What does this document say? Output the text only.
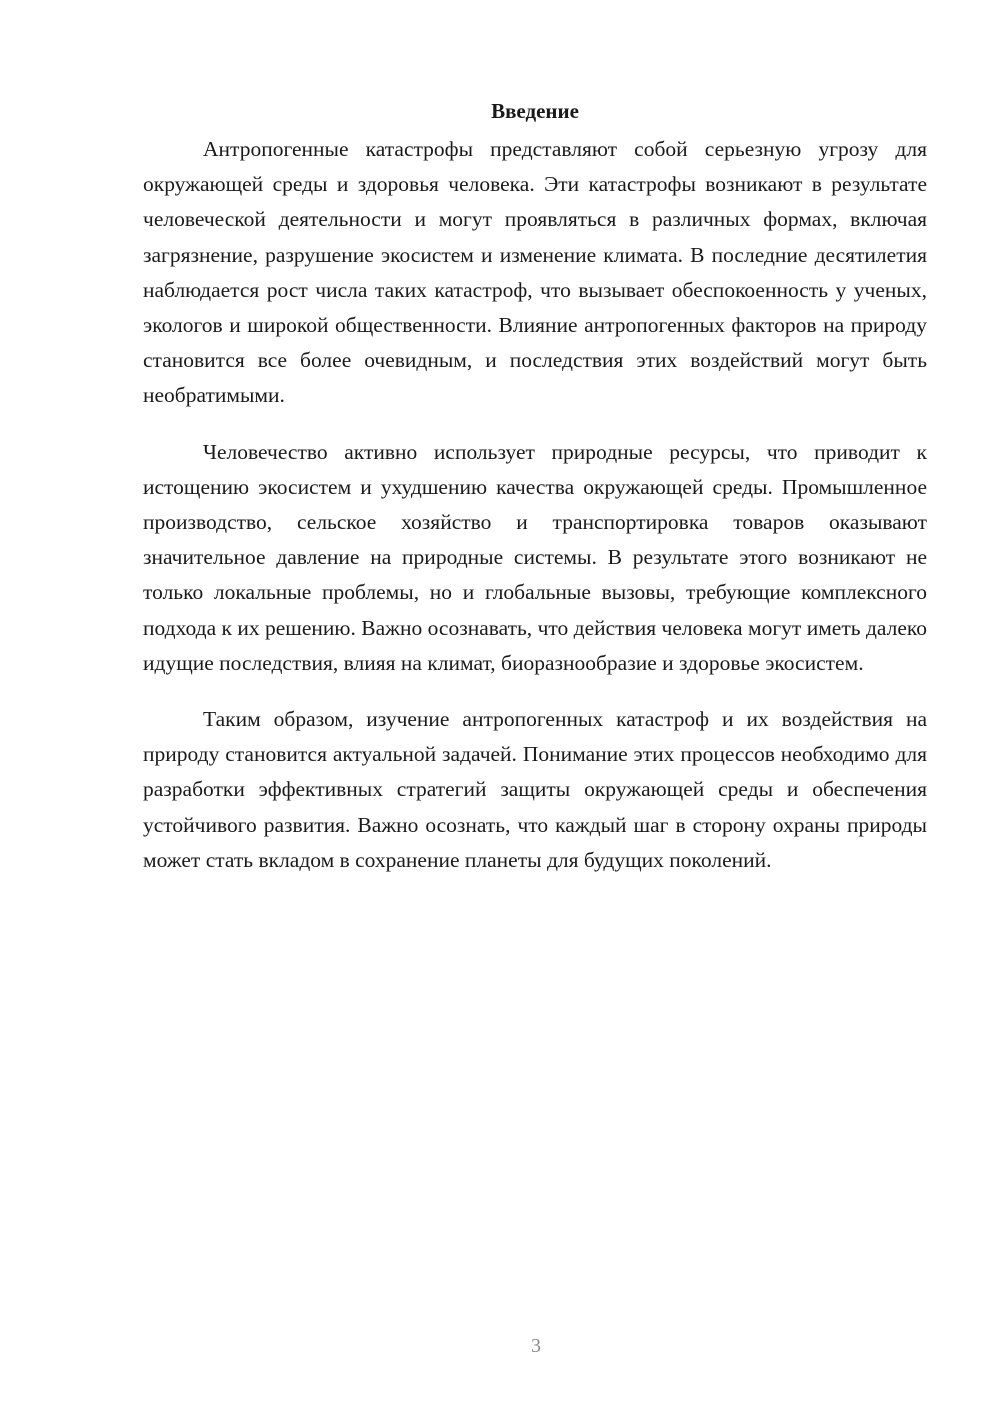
Введение

Антропогенные катастрофы представляют собой серьезную угрозу для окружающей среды и здоровья человека. Эти катастрофы возникают в результате человеческой деятельности и могут проявляться в различных формах, включая загрязнение, разрушение экосистем и изменение климата. В последние десятилетия наблюдается рост числа таких катастроф, что вызывает обеспокоенность у ученых, экологов и широкой общественности. Влияние антропогенных факторов на природу становится все более очевидным, и последствия этих воздействий могут быть необратимыми.

Человечество активно использует природные ресурсы, что приводит к истощению экосистем и ухудшению качества окружающей среды. Промышленное производство, сельское хозяйство и транспортировка товаров оказывают значительное давление на природные системы. В результате этого возникают не только локальные проблемы, но и глобальные вызовы, требующие комплексного подхода к их решению. Важно осознавать, что действия человека могут иметь далеко идущие последствия, влияя на климат, биоразнообразие и здоровье экосистем.

Таким образом, изучение антропогенных катастроф и их воздействия на природу становится актуальной задачей. Понимание этих процессов необходимо для разработки эффективных стратегий защиты окружающей среды и обеспечения устойчивого развития. Важно осознать, что каждый шаг в сторону охраны природы может стать вкладом в сохранение планеты для будущих поколений.

3
